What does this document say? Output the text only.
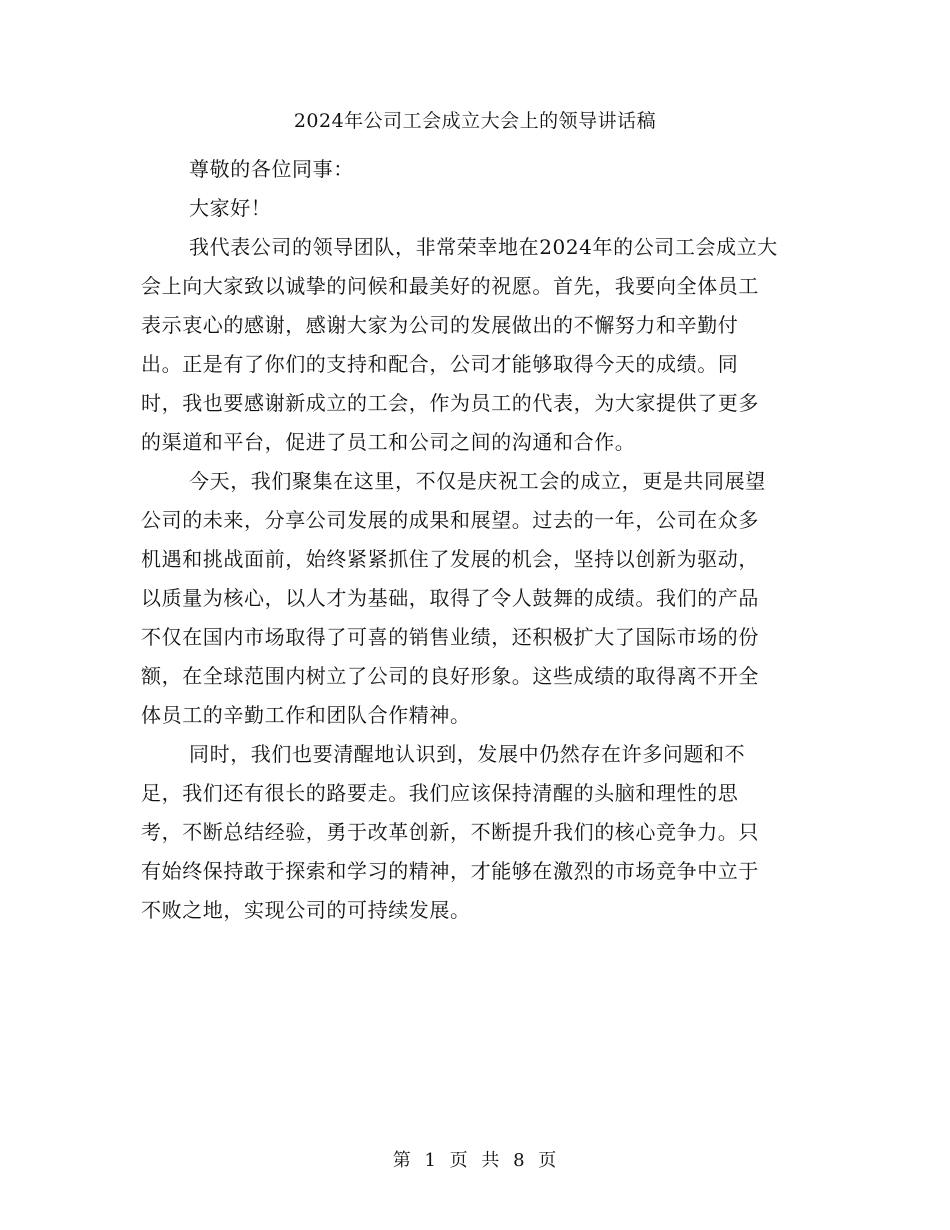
2024年公司工会成立大会上的领导讲话稿
尊敬的各位同事：
大家好！
我代表公司的领导团队，非常荣幸地在2024年的公司工会成立大
会上向大家致以诚挚的问候和最美好的祝愿。首先，我要向全体员工
表示衷心的感谢，感谢大家为公司的发展做出的不懈努力和辛勤付
出。正是有了你们的支持和配合，公司才能够取得今天的成绩。同
时，我也要感谢新成立的工会，作为员工的代表，为大家提供了更多
的渠道和平台，促进了员工和公司之间的沟通和合作。
今天，我们聚集在这里，不仅是庆祝工会的成立，更是共同展望
公司的未来，分享公司发展的成果和展望。过去的一年，公司在众多
机遇和挑战面前，始终紧紧抓住了发展的机会，坚持以创新为驱动，
以质量为核心，以人才为基础，取得了令人鼓舞的成绩。我们的产品
不仅在国内市场取得了可喜的销售业绩，还积极扩大了国际市场的份
额，在全球范围内树立了公司的良好形象。这些成绩的取得离不开全
体员工的辛勤工作和团队合作精神。
同时，我们也要清醒地认识到，发展中仍然存在许多问题和不
足，我们还有很长的路要走。我们应该保持清醒的头脑和理性的思
考，不断总结经验，勇于改革创新，不断提升我们的核心竞争力。只
有始终保持敢于探索和学习的精神，才能够在激烈的市场竞争中立于
不败之地，实现公司的可持续发展。
第 1 页 共 8 页
